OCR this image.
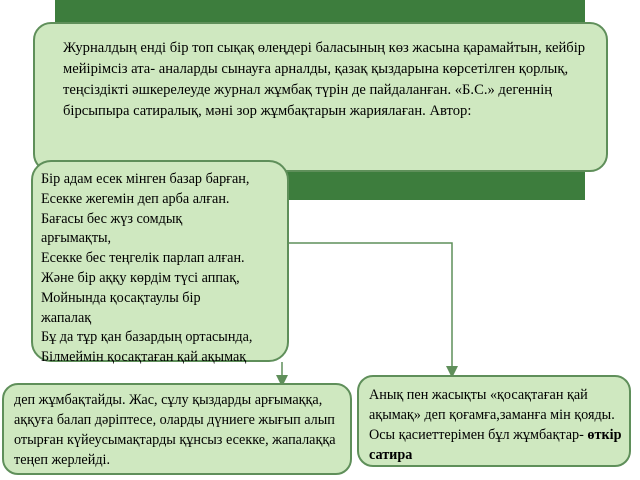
Журналдың енді бір топ сықақ өлеңдері баласының көз жасына қарамайтын, кейбір мейірімсіз ата- аналарды сынауға арналды, қазақ қыздарына көрсетілген қорлық, теңсіздікті әшкерелеуде журнал жұмбақ түрін де пайдаланған. «Б.С.» дегеннің бірсыпыра сатиралық, мәні зор жұмбақтарын жариялаған. Автор:

Бір адам есек мінген базар барған,
Есекке жегемін деп арба алған.
Бағасы бес жүз сомдық
арғымақты,
Есекке бес теңгелік парлап алған.
Және бір аққу көрдім түсі аппақ,
Мойнында қосақтаулы бір
жапалақ
Бұ да тұр қан базардың ортасында,
Білмеймін қосақтаған қай ақымақ

деп жұмбақтайды. Жас, сұлу қыздарды арғымаққа, аққуға балап дәріптесе, оларды дүниеге жығып алып отырған күйеусымақтарды құнсыз есекке, жапалаққа теңеп жерлейді.

Анық пен жасықты «қосақтаған қай ақымақ» деп қоғамға,заманға мін қояды. Осы қасиеттерімен бұл жұмбақтар- өткір сатира
